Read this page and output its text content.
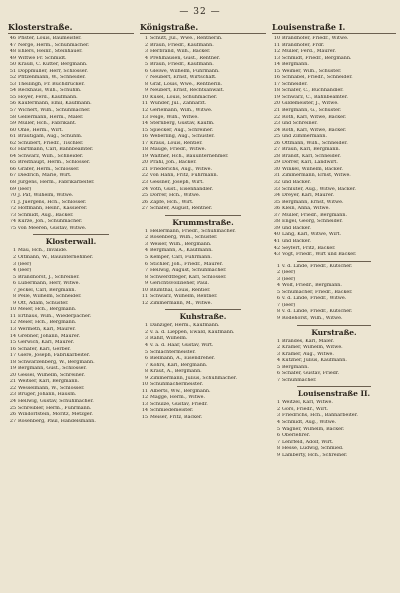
— 32 —
Klosterstraße.
46 Pfister, Louis, Baumeister.
47 Nerge, Herm., Schuhmacher.
48 Ehlers, Heinr., Steinhauer.
49 Wittwe Fr. Schmidt.
50 Krauß, C. Kutter, Bergmann.
51 Doppmüller, Herr, Schlosser.
52 Pfitzenmann, W., Schneider.
53 Theilingh, Fr. Buchdrucker.
54 Reckhaus, Wilh., Schuhm.
55 Hoyer, Ferd., Kaufmann.
56 Kaufermann, Emil, Kaufmann.
57 Wichert, Wilh., Schuhmacher.
58 Gellermann, Herm., Maler.
59 Müller, Hch., Fabrikant.
60 Ohle, Herm., Wirt.
61 Bräutigam, Aug., Schuhm.
62 Schubert, Friedr., Tischler.
63 Hartmann, Carl, Bahnbeamter.
64 Schwarz, Wilh., Schneider.
65 Breithaupt, Herm., Schlosser.
66 Gräfer, Herm., Schlosser.
67 Diedrich, Marie, Wirt.
68 Jürgens, Herm., Fabrikarbeiter.
69 (leer)
70 J. Pät, Wilhelm, Witwe.
71 J. Juergens, Hch., Schlosser.
72 Hoffmann, Heinr., Kassierer.
73 Schmidt, Aug., Bäcker.
74 Kurze, Joh., Schuhmacher.
75 von Meeren, Gustav, Witwe.
Klosterwall.
1 Mau, Hch., Invalide.
2 Oltmann, W., Bauunternehmer.
3 (leer)
4 (leer)
5 Brandhorst, J., Schreiner.
6 Lübermann, Herr, Witwe.
7 Jeckel, Carl, Bergmann.
8 Pelle, Wilhelm, Schneider.
9 Ott, Adam, Schuster.
10 Meier, Hch., Bergmann.
11 Erthaus, Wilh., Wiederpacher.
12 Meier, Hch., Bergmann.
13 Wermeth, Karl, Maurer.
14 Grebner, Johann, Maurer.
15 Gerwich, Karl, Maurer.
16 Schäfer, Karl, Gerber.
17 Giere, Joseph, Fabrikarbeiter.
18 Schwarzenberg, W., Bergmann.
19 Bergmann, Gust., Schlosser.
20 Gessel, Wilhelm, Schreiner.
21 Weitser, Karl, Bergmann.
22 Wesselmann, W., Schlosser.
23 Brüger, Johann, Hausm.
24 Hellwig, Gustav, Schuhmacher.
25 Schreibler, Herm., Fuhrmann.
26 Windorfstein, Moritz, Metzger.
27 Rosenberg, Paul, Handelsmann.
Königstraße.
1 Schütt, Jul., Wwe., Rentnerin.
2 Braun, Friedr., Kaufmann.
3 Herbrand, Wilh., Bäcker.
4 Prehlhausen, Gust., Rentner.
5 Braun, Friedr., Kaufmann.
6 Gleiwe, Wilhelm, Fuhrmann.
7 Neubert, Ernst, Wirtschaft.
8 Gräf, Louis, Wwe., Rentnerin.
9 Neubert, Ernst, Rechtsanwalt.
10 Küsel, Louis, Schuhmacher.
11 Wunder, Jul., Zahnarzt.
12 Gerlemann, Wilh., Witwe.
13 Feige, Wilh., Witwe.
14 Sternberg, Gustav, Kaufm.
15 Spiecker, Aug., Schreiner.
16 Weberling, Aug., Schuster.
17 Kraus, Louis, Rentier.
18 Mauge, Friedr., Witwe.
19 Walther, Hch., Bauunternehmer.
20 Prahl, Joh., Bäcker.
21 Friederichs, Aug., Witwe.
22 von Hahn, Fritz, Fuhrmann.
23 Gessner, Joseph, Wirt.
24 Voth, Gust., Eisenhändler.
25 Dörrer, Hch., Witwe.
26 Zapfe, Hch., Wirt.
27 Schäfer, August, Rentner.
Krummstraße.
1 Hellermann, Friedr., Schuhmacher.
2 Rosenberg, Wilh., Schuster.
3 Weiser, Wilh., Bergmann.
4 Bergmann, A., Kaufmann.
5 Kemper, Carl, Fuhrmann.
6 Stichler, Joh., Friedr., Maurer.
7 Hellwig, August, Schuhmacher.
8 Schwerdtfeger, Karl, Schlosser.
9 Gerichtsvollzieher, Paul.
10 Blumthal, Louis, Rentier.
11 Schwarz, Wilhelm, Rentner.
12 Zimmermann, M., Witwe.
Kuhstraße.
1 Danziger, Herm., Kaufmann.
2 v. a. d. Lieppen, Ewald, Kaufmann.
3 Rahlf, Wilhelm.
4 v. a. d. Haar, Gustav, Wirt.
5 Schlachtermeister.
6 Bielmann, A., Eisendreher.
7 Kohrs, Karl, Bergmann.
8 Kraut, A., Bergmann.
9 Zimmermann, Julius, Schuhmacher.
10 Schuhmachermeister.
11 Alberts, Ww., Bergmann.
12 Magge, Herm., Witwe.
13 Schulze, Gustav, Friedr.
14 Schmiedemeister.
15 Meiser, Fritz, Bäcker.
Louisenstraße I.
10 Brandhöfer, Friedr., Witwe.
11 Brandhöfer, Frdr.
12 Müller, Ferd., Maurer.
13 Schmidt, Friedr., Bergmann.
14 Bergmann.
15 Weimer, Wilh., Schuster.
16 Schnabel, Friedr., Schneider.
17 Schneider.
18 Schäfer, C., Buchhändler.
19 Schwarz, C., Bahnbeamter.
20 Gildemeister, J., Witwe.
21 Bergmann, G., Schuster.
22 Roth, Karl, Witwe, Bäcker.
23 und Schreiner.
24 Roth, Karl, Witwe, Bäcker.
25 und Zimmermann.
26 Ottmann, Wilh., Schneider.
27 Braun, Karl, Bergmann.
28 Brandt, Karl, Schneider.
29 Dörrer, Karl, Landwirt.
30 Winkel, Wilhelm, Bäcker.
31 Zimmermann, Ernst, Witwe.
32 und Bäcker.
33 Schlüter, Aug., Witwe, Bäcker.
34 Dreyer, Karl, Maurer.
35 Bergmann, Ernst, Witwe.
36 Klein, Anna, Witwe.
37 Müller, Friedr., Bergmann.
38 Engel, Georg, Schneider.
39 und Bäcker.
40 Lang, Karl, Witwe, Wirt.
41 und Bäcker.
42 Seyfert, Fritz, Bäcker.
43 Vogt, Friedr., Wirt und Bäcker.
1 v. d. Linde, Friedr., Kutscher.
2 (leer)
3 (leer)
4 Wolf, Friedr., Bergmann.
5 Schumacher, Friedr., Bäcker.
6 v. d. Linde, Friedr., Witwe.
7 (leer)
8 v. d. Linde, Friedr., Kutscher.
9 Rodehorst, Wilh., Witwe.
Kurstraße.
1 Brandes, Karl, Maler.
2 Kramer, Wilhelm, Witwe.
3 Kramer, Aug., Witwe.
4 Kutzner, Julius, Kaufmann.
5 Bergmann.
6 Schäfer, Gustav, Friedr.
7 Schuhmacher.
Louisenstraße II.
1 Weitzel, Karl, Witwe.
2 Görs, Friedr., Wirt.
3 Friedrichs, Hch., Bahnarbeiter.
4 Schmidt, Aug., Witwe.
5 Wagner, Wilhelm, Bäcker.
6 Oberlehrer.
7 Lehrfeld, Adolf, Wirt.
8 Hesse, Ludwig, Schmied.
9 Lamberty, Hch., Schreiner.
